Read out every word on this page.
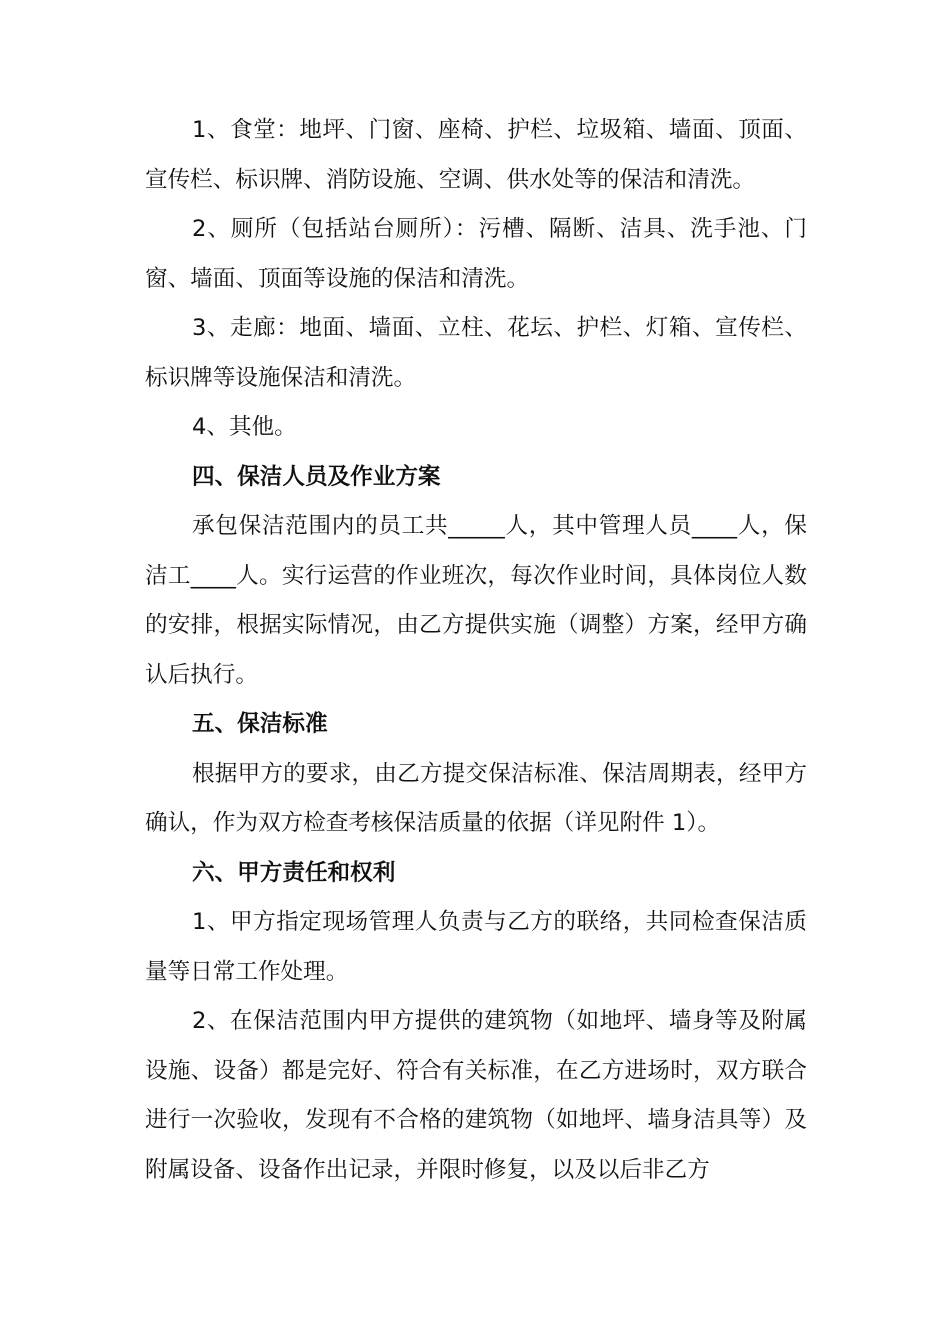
1、食堂：地坪、门窗、座椅、护栏、垃圾箱、墙面、顶面、宣传栏、标识牌、消防设施、空调、供水处等的保洁和清洗。

2、厕所（包括站台厕所）：污槽、隔断、洁具、洗手池、门窗、墙面、顶面等设施的保洁和清洗。

3、走廊：地面、墙面、立柱、花坛、护栏、灯箱、宣传栏、标识牌等设施保洁和清洗。

4、其他。

四、保洁人员及作业方案

承包保洁范围内的员工共_____人，其中管理人员____人，保洁工____人。实行运营的作业班次，每次作业时间，具体岗位人数的安排，根据实际情况，由乙方提供实施（调整）方案，经甲方确认后执行。

五、保洁标准

根据甲方的要求，由乙方提交保洁标准、保洁周期表，经甲方确认，作为双方检查考核保洁质量的依据（详见附件 1）。

六、甲方责任和权利

1、甲方指定现场管理人负责与乙方的联络，共同检查保洁质量等日常工作处理。

2、在保洁范围内甲方提供的建筑物（如地坪、墙身等及附属设施、设备）都是完好、符合有关标准，在乙方进场时，双方联合进行一次验收，发现有不合格的建筑物（如地坪、墙身洁具等）及附属设备、设备作出记录，并限时修复，以及以后非乙方
